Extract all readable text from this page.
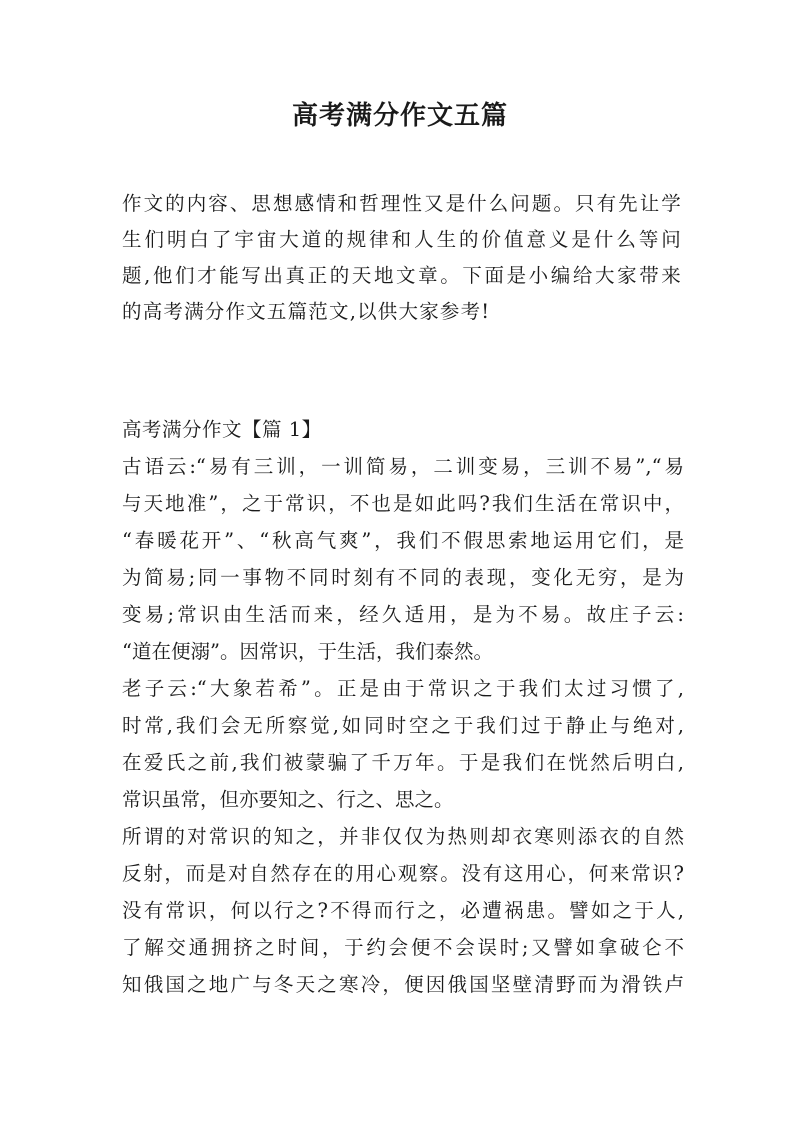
高考满分作文五篇
作文的内容、思想感情和哲理性又是什么问题。只有先让学
生们明白了宇宙大道的规律和人生的价值意义是什么等问
题,他们才能写出真正的天地文章。下面是小编给大家带来
的高考满分作文五篇范文,以供大家参考!
高考满分作文【篇 1】

古语云:“易有三训，一训简易，二训变易，三训不易”,“易
与天地准”，之于常识，不也是如此吗?我们生活在常识中，
“春暖花开”、“秋高气爽”，我们不假思索地运用它们，是
为简易;同一事物不同时刻有不同的表现，变化无穷，是为
变易;常识由生活而来，经久适用，是为不易。故庄子云:
“道在便溺”。因常识，于生活，我们泰然。

老子云:“大象若希”。正是由于常识之于我们太过习惯了,
时常,我们会无所察觉,如同时空之于我们过于静止与绝对,
在爱氏之前,我们被蒙骗了千万年。于是我们在恍然后明白,
常识虽常，但亦要知之、行之、思之。

所谓的对常识的知之，并非仅仅为热则却衣寒则添衣的自然
反射，而是对自然存在的用心观察。没有这用心，何来常识?
没有常识，何以行之?不得而行之，必遭祸患。譬如之于人,
了解交通拥挤之时间，于约会便不会误时;又譬如拿破仑不
知俄国之地广与冬天之寒冷，便因俄国坚壁清野而为滑铁卢
